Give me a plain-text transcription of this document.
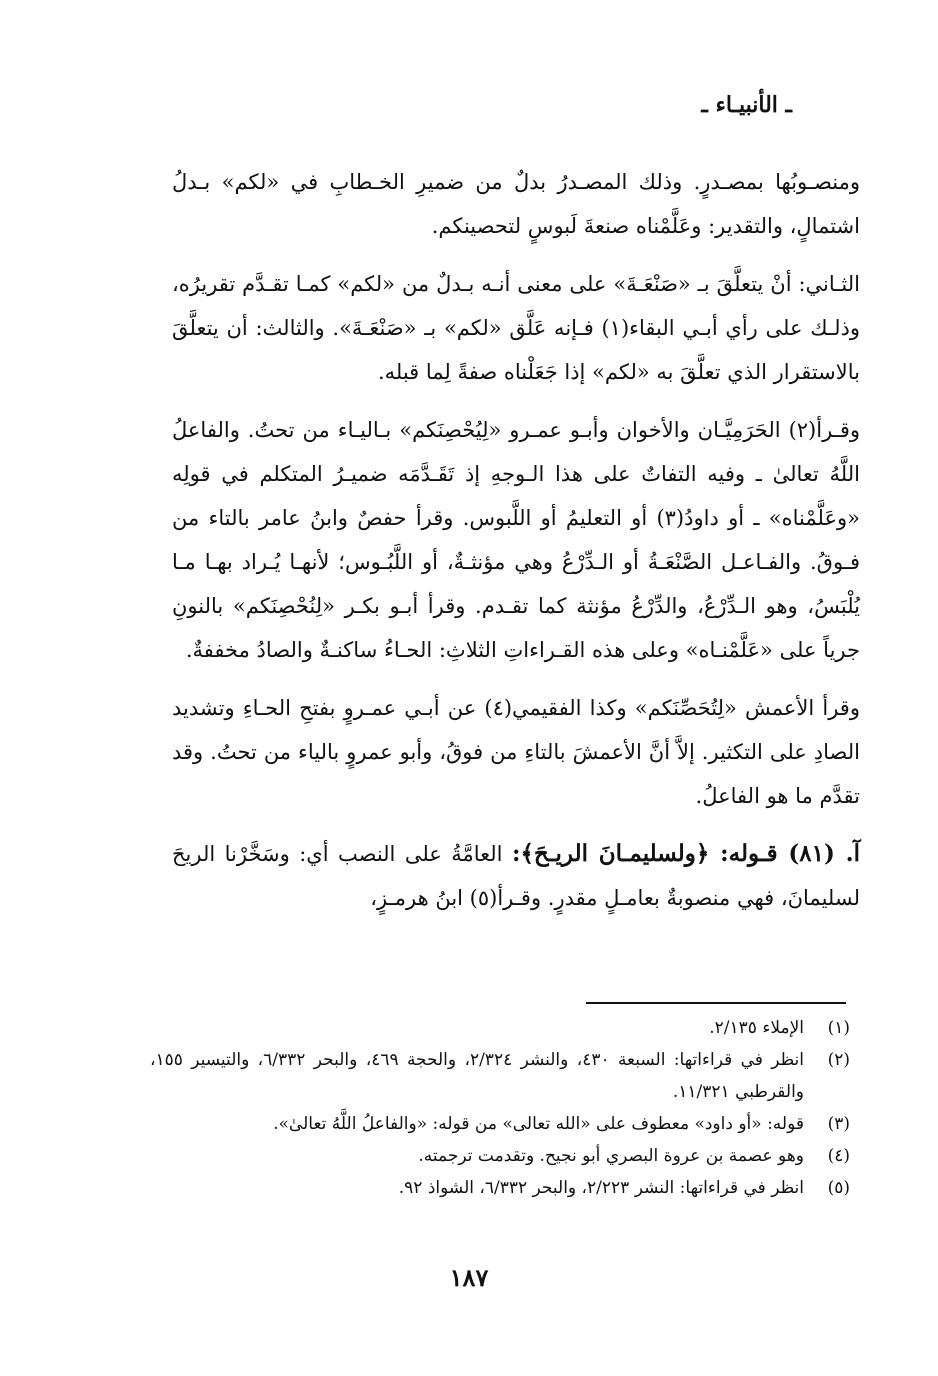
ـ الأنبيـاء ـ

ومنصـوبُها بمصـدرٍ. وذلك المصـدرُ بدلٌ من ضميرِ الخـطابِ في «لكم» بـدلُ اشتمالٍ، والتقدير: وعَلَّمْناه صنعةَ لَبوسٍ لتحصينكم.

الثـاني: أنْ يتعلَّقَ بـ «صَنْعَـةَ» على معنى أنـه بـدلٌ من «لكم» كمـا تقـدَّم تقريرُه، وذلـك على رأي أبـي البقاء(١) فـإنه عَلَّق «لكم» بـ «صَنْعَـةَ». والثالث: أن يتعلَّقَ بالاستقرار الذي تعلَّقَ به «لكم» إذا جَعَلْناه صفةً لِما قبله.

وقـرأ(٢) الحَرَمِيَّـان والأخوان وأبـو عمـرو «لِيُحْصِنَكم» بـاليـاء من تحتُ. والفاعلُ اللَّهُ تعالىٰ ـ وفيه التفاتٌ على هذا الـوجهِ إذ تَقَـدَّمَه ضميـرُ المتكلم في قولِه «وعَلَّمْناه» ـ أو داودُ(٣) أو التعليمُ أو اللَّبوس. وقرأ حفصٌ وابنُ عامر بالتاء من فـوقُ. والفـاعـل الصَّنْعَـةُ أو الـدِّرْعُ وهي مؤنثـةٌ، أو اللَّبُـوس؛ لأنهـا يُـراد بهـا مـا يُلْبَسُ، وهو الـدِّرْعُ، والدِّرْعُ مؤنثة كما تقـدم. وقرأ أبـو بكـر «لِنُحْصِنَكم» بالنونِ جرياً على «عَلَّمْنـاه» وعلى هذه القـراءاتِ الثلاثِ: الحـاءُ ساكنـةٌ والصادُ مخففةٌ.

وقرأ الأعمش «لِتُحَصِّنَكم» وكذا الفقيمي(٤) عن أبـي عمـروٍ بفتحِ الحـاءِ وتشديد الصادِ على التكثير. إلاَّ أنَّ الأعمشَ بالتاءِ من فوقُ، وأبو عمروٍ بالياء من تحتُ. وقد تقدَّم ما هو الفاعلُ.

آ. (٨١) قـوله: ﴿ولسليمـانَ الريـحَ﴾: العامَّةُ على النصب أي: وسَخَّرْنا الريحَ لسليمانَ، فهي منصوبةٌ بعامـلٍ مقدرٍ. وقـرأ(٥) ابنُ هرمـزٍ،

(١)
الإملاء ٢/١٣٥.
(٢)
انظر في قراءاتها: السبعة ٤٣٠، والنشر ٢/٣٢٤، والحجة ٤٦٩، والبحر ٦/٣٣٢، والتيسير ١٥٥، والقرطبي ١١/٣٢١.
(٣)
قوله: «أو داود» معطوف على «الله تعالى» من قوله: «والفاعلُ اللَّهُ تعالىٰ».
(٤)
وهو عصمة بن عروة البصري أبو نجيح. وتقدمت ترجمته.
(٥)
انظر في قراءاتها: النشر ٢/٢٢٣، والبحر ٦/٣٣٢، الشواذ ٩٢.
١٨٧
